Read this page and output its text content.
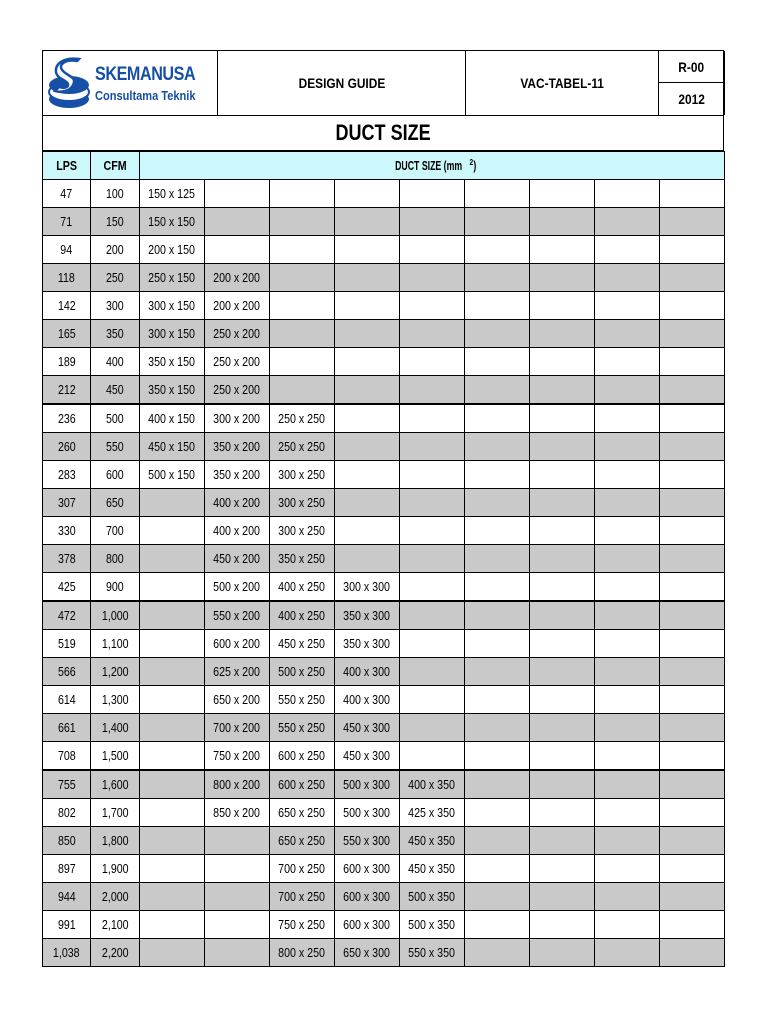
SKEMANUSA
Consultama Teknik
DESIGN GUIDE	VAC-TABEL-11
R-00
2012
DUCT SIZE
LPS	CFM	DUCT SIZE (mm $^2$)								
47	100	150 x 125								
71	150	150 x 150								
94	200	200 x 150								
118	250	250 x 150	200 x 200							
142	300	300 x 150	200 x 200							
165	350	300 x 150	250 x 200							
189	400	350 x 150	250 x 200							
212	450	350 x 150	250 x 200							
236	500	400 x 150	300 x 200	250 x 250						
260	550	450 x 150	350 x 200	250 x 250						
283	600	500 x 150	350 x 200	300 x 250						
307	650		400 x 200	300 x 250						
330	700		400 x 200	300 x 250						
378	800		450 x 200	350 x 250						
425	900		500 x 200	400 x 250	300 x 300					
472	1,000		550 x 200	400 x 250	350 x 300					
519	1,100		600 x 200	450 x 250	350 x 300					
566	1,200		625 x 200	500 x 250	400 x 300					
614	1,300		650 x 200	550 x 250	400 x 300					
661	1,400		700 x 200	550 x 250	450 x 300					
708	1,500		750 x 200	600 x 250	450 x 300					
755	1,600		800 x 200	600 x 250	500 x 300	400 x 350				
802	1,700		850 x 200	650 x 250	500 x 300	425 x 350				
850	1,800			650 x 250	550 x 300	450 x 350				
897	1,900			700 x 250	600 x 300	450 x 350				
944	2,000			700 x 250	600 x 300	500 x 350				
991	2,100			750 x 250	600 x 300	500 x 350				
1,038	2,200			800 x 250	650 x 300	550 x 350				
